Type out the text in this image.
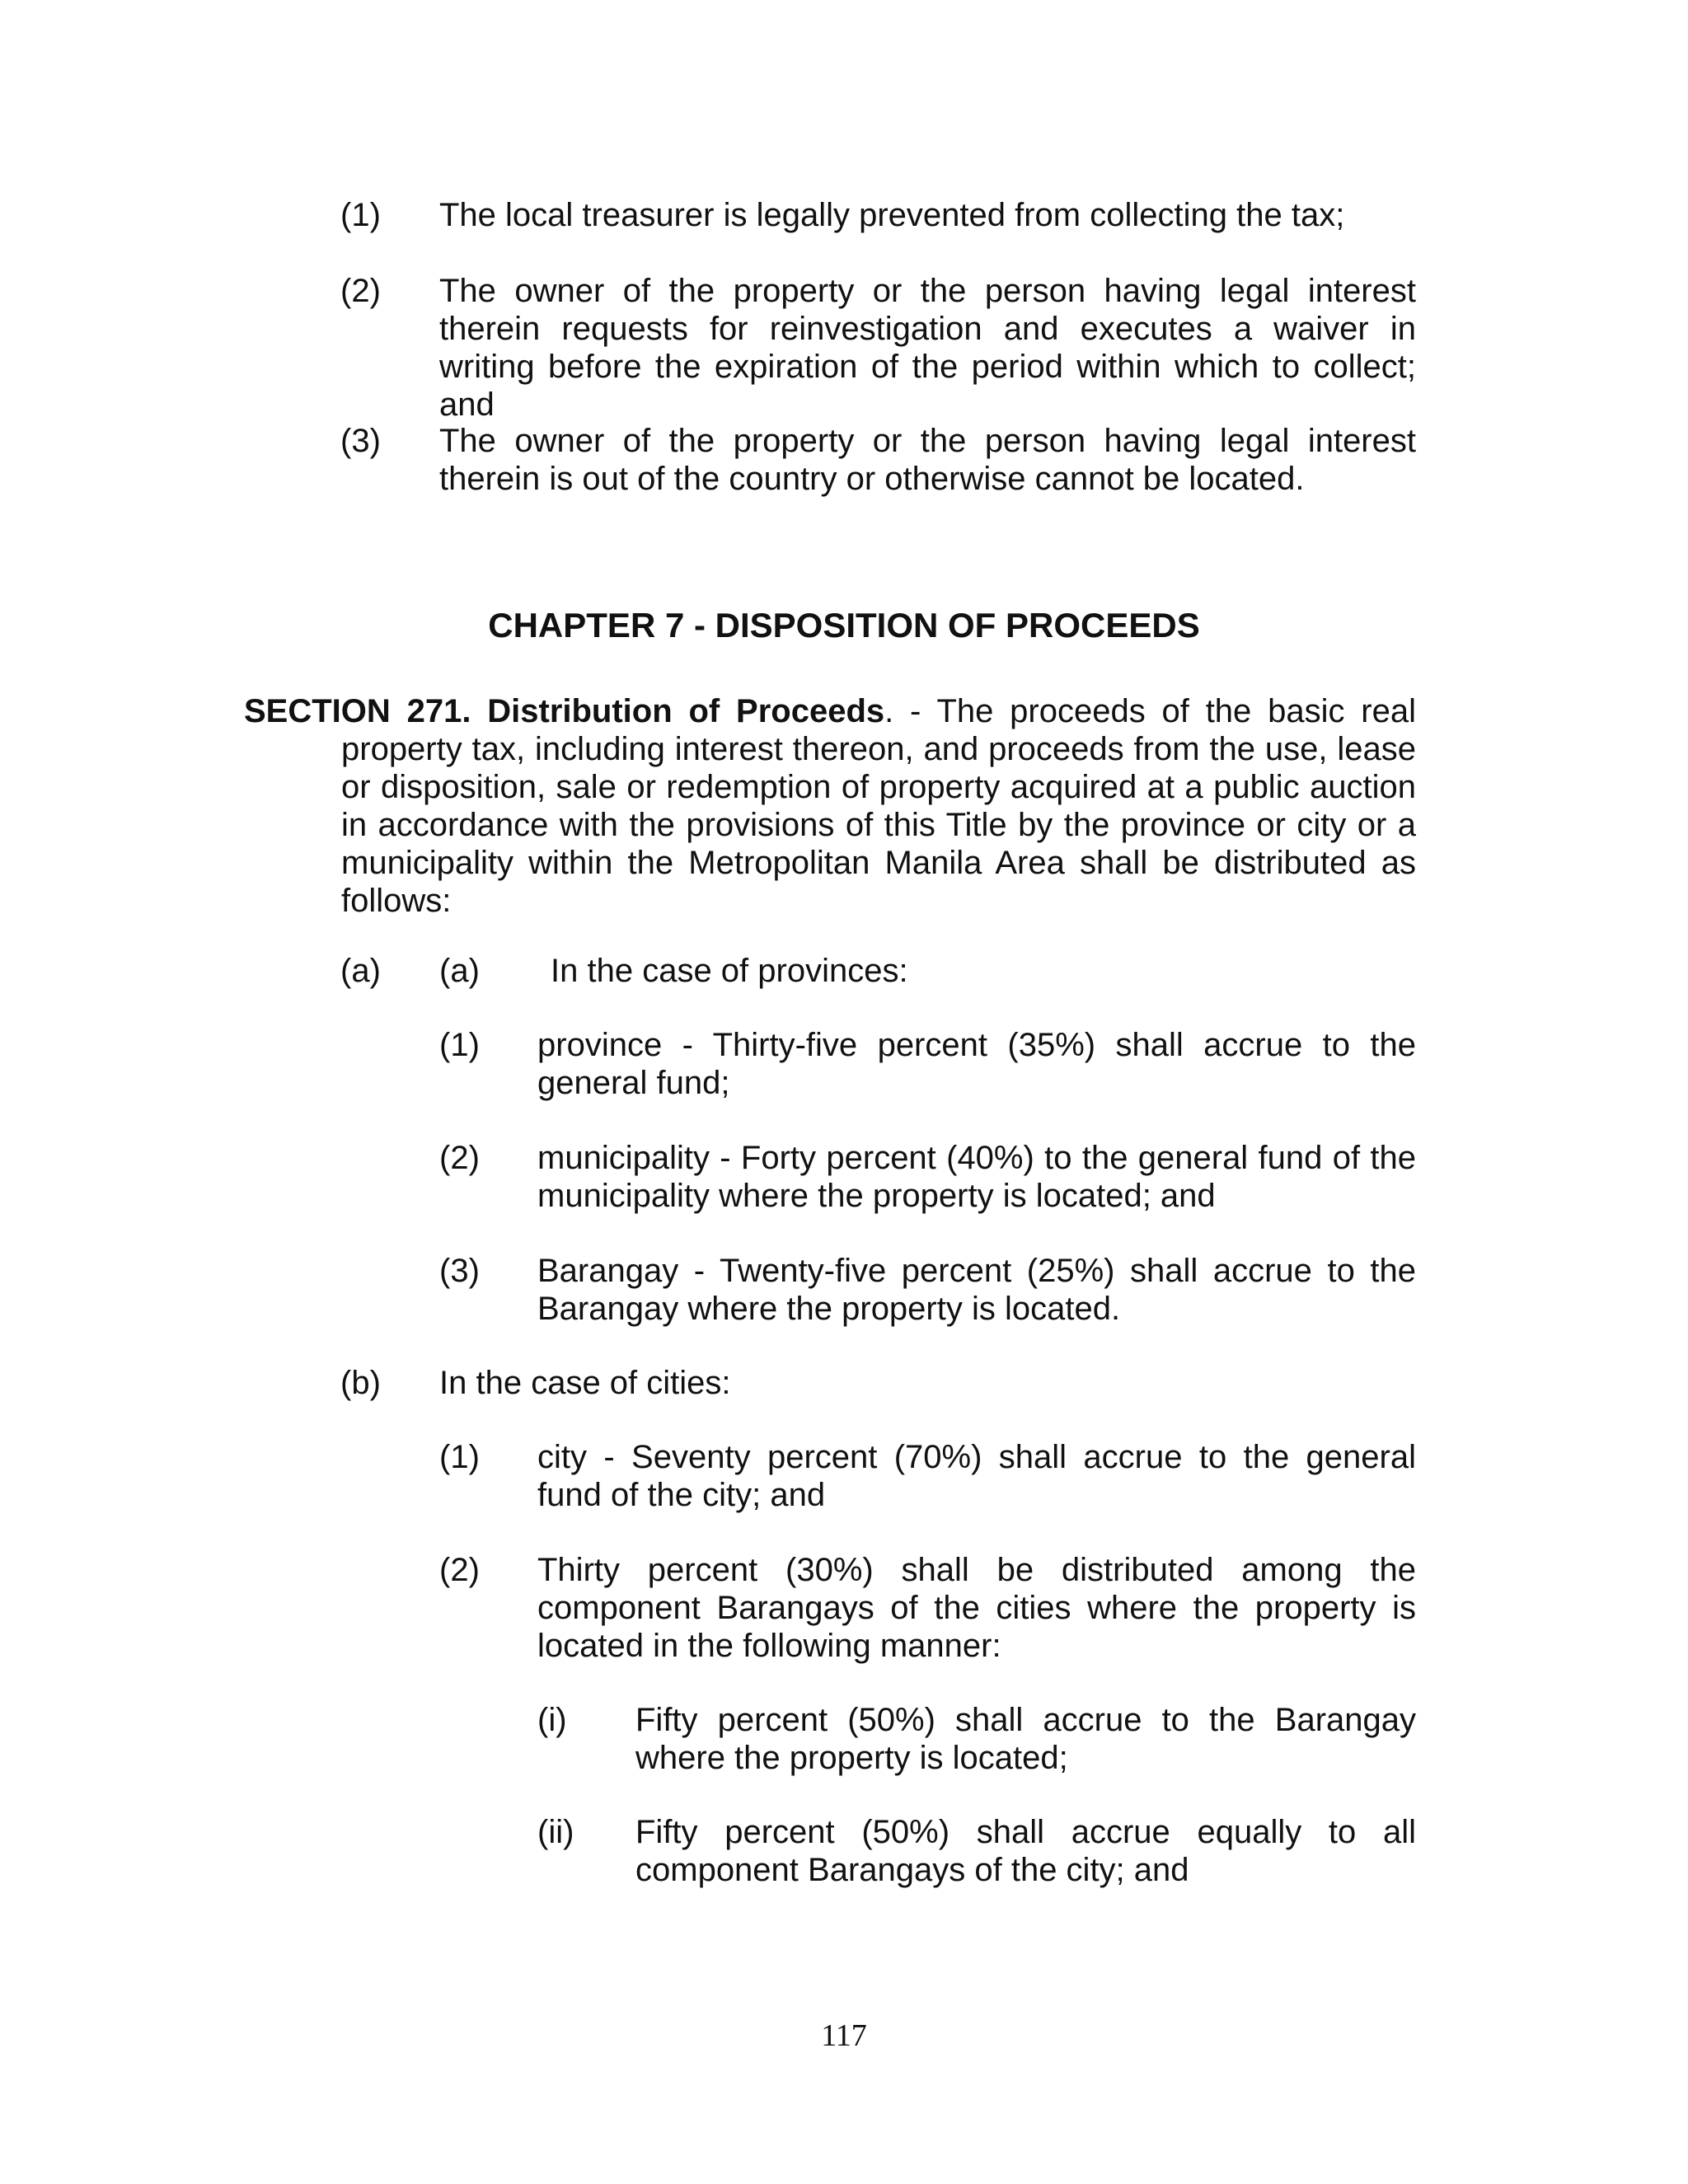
(1) The local treasurer is legally prevented from collecting the tax;

(2) The owner of the property or the person having legal interest therein requests for reinvestigation and executes a waiver in writing before the expiration of the period within which to collect; and

(3) The owner of the property or the person having legal interest therein is out of the country or otherwise cannot be located.

CHAPTER 7 - DISPOSITION OF PROCEEDS

SECTION 271. Distribution of Proceeds. - The proceeds of the basic real property tax, including interest thereon, and proceeds from the use, lease or disposition, sale or redemption of property acquired at a public auction in accordance with the provisions of this Title by the province or city or a municipality within the Metropolitan Manila Area shall be distributed as follows:

(a) (a) In the case of provinces:

(1) province - Thirty-five percent (35%) shall accrue to the general fund;

(2) municipality - Forty percent (40%) to the general fund of the municipality where the property is located; and

(3) Barangay - Twenty-five percent (25%) shall accrue to the Barangay where the property is located.

(b) In the case of cities:

(1) city - Seventy percent (70%) shall accrue to the general fund of the city; and

(2) Thirty percent (30%) shall be distributed among the component Barangays of the cities where the property is located in the following manner:

(i) Fifty percent (50%) shall accrue to the Barangay where the property is located;

(ii) Fifty percent (50%) shall accrue equally to all component Barangays of the city; and

117
